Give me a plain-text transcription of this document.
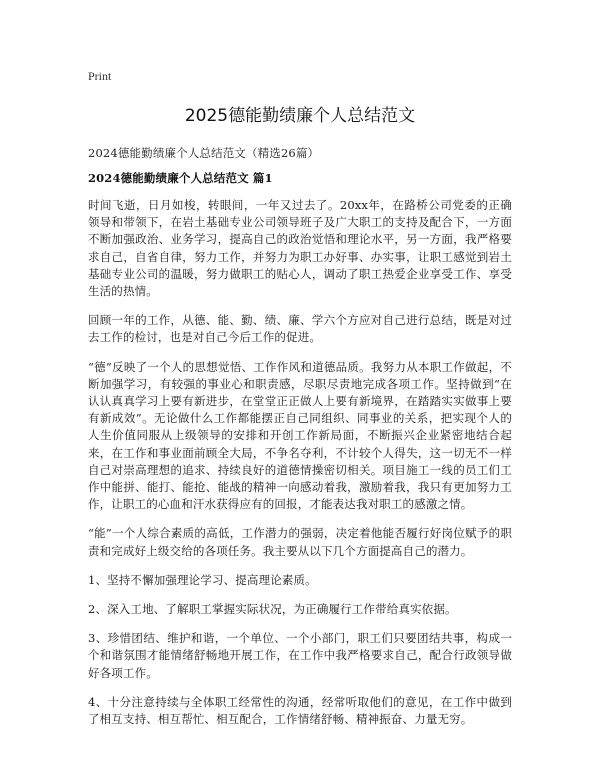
Print
2025德能勤绩廉个人总结范文
2024德能勤绩廉个人总结范文（精选26篇）
2024德能勤绩廉个人总结范文 篇1

时间飞逝，日月如梭，转眼间，一年又过去了。20xx年，在路桥公司党委的正确领导和带领下，在岩土基础专业公司领导班子及广大职工的支持及配合下，一方面不断加强政治、业务学习，提高自己的政治觉悟和理论水平，另一方面，我严格要求自己，自省自律，努力工作，并努力为职工办好事、办实事，让职工感觉到岩土基础专业公司的温暖，努力做职工的贴心人，调动了职工热爱企业享受工作、享受生活的热情。

回顾一年的工作，从德、能、勤、绩、廉、学六个方应对自己进行总结，既是对过去工作的检讨，也是对自己今后工作的促进。

“德”反映了一个人的思想觉悟、工作作风和道德品质。我努力从本职工作做起，不断加强学习，有较强的事业心和职责感，尽职尽责地完成各项工作。坚持做到“在认认真真学习上要有新进步，在堂堂正正做人上要有新境界，在踏踏实实做事上要有新成效”。无论做什么工作都能摆正自己同组织、同事业的关系，把实现个人的人生价值同服从上级领导的安排和开创工作新局面，不断振兴企业紧密地结合起来，在工作和事业面前顾全大局，不争名夺利，不计较个人得失，这一切无不一样自己对崇高理想的追求、持续良好的道德情操密切相关。项目施工一线的员工们工作中能拼、能打、能抢、能战的精神一向感动着我，激励着我，我只有更加努力工作，让职工的心血和汗水获得应有的回报，才能表达我对职工的感激之情。

“能”一个人综合素质的高低，工作潜力的强弱，决定着他能否履行好岗位赋予的职责和完成好上级交给的各项任务。我主要从以下几个方面提高自己的潜力。

1、坚持不懈加强理论学习、提高理论素质。

2、深入工地、了解职工掌握实际状况，为正确履行工作带给真实依据。

3、珍惜团结、维护和谐，一个单位、一个小部门，职工们只要团结共事，构成一个和谐氛围才能情绪舒畅地开展工作，在工作中我严格要求自己，配合行政领导做好各项工作。

4、十分注意持续与全体职工经常性的沟通，经常听取他们的意见，在工作中做到了相互支持、相互帮忙、相互配合，工作情绪舒畅、精神振奋、力量无穷。
